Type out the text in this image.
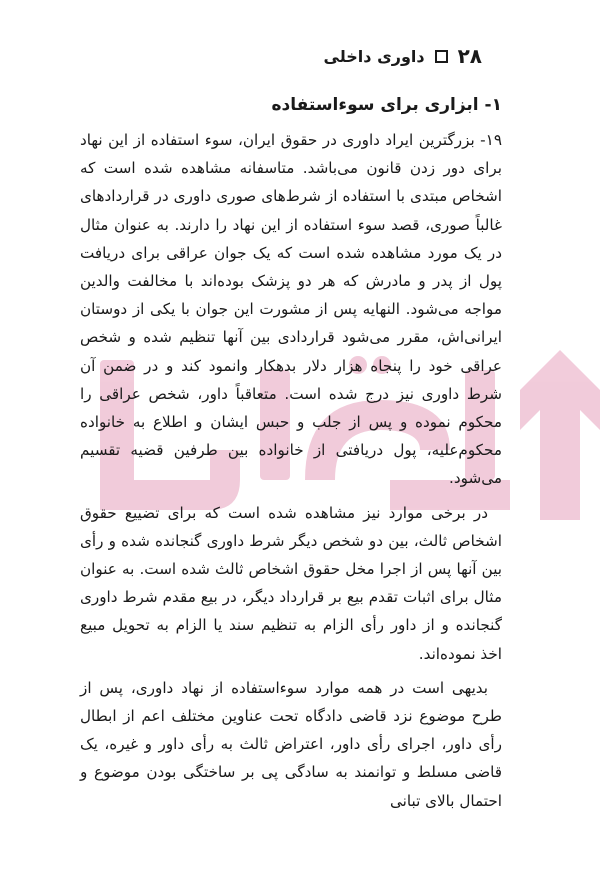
۲۸
داوری داخلی
۱- ابزاری برای سوءاستفاده

۱۹- بزرگترین ایراد داوری در حقوق ایران، سوء استفاده از این نهاد برای دور زدن قانون می‌باشد. متاسفانه مشاهده شده است که اشخاص مبتدی با استفاده از شرط‌های صوری داوری در قراردادهای غالباً صوری، قصد سوء استفاده از این نهاد را دارند. به عنوان مثال در یک مورد مشاهده شده است که یک جوان عراقی برای دریافت پول از پدر و مادرش که هر دو پزشک بوده‌اند با مخالفت والدین مواجه می‌شود. النهایه پس از مشورت این جوان با یکی از دوستان ایرانی‌اش، مقرر می‌شود قراردادی بین آنها تنظیم شده و شخص عراقی خود را پنجاه هزار دلار بدهکار وانمود کند و در ضمن آن شرط داوری نیز درج شده است. متعاقباً داور، شخص عراقی را محکوم نموده و پس از جلب و حبس ایشان و اطلاع به خانواده محکوم‌علیه، پول دریافتی از خانواده بین طرفین قضیه تقسیم می‌شود.

در برخی موارد نیز مشاهده شده است که برای تضییع حقوق اشخاص ثالث، بین دو شخص دیگر شرط داوری گنجانده شده و رأی بین آنها پس از اجرا مخل حقوق اشخاص ثالث شده است. به عنوان مثال برای اثبات تقدم بیع بر قرارداد دیگر، در بیع مقدم شرط داوری گنجانده و از داور رأی الزام به تنظیم سند یا الزام به تحویل مبیع اخذ نموده‌اند.

بدیهی است در همه موارد سوءاستفاده از نهاد داوری، پس از طرح موضوع نزد قاضی دادگاه تحت عناوین مختلف اعم از ابطال رأی داور، اجرای رأی داور، اعتراض ثالث به رأی داور و غیره، یک قاضی مسلط و توانمند به سادگی پی بر ساختگی بودن موضوع و احتمال بالای تبانی
